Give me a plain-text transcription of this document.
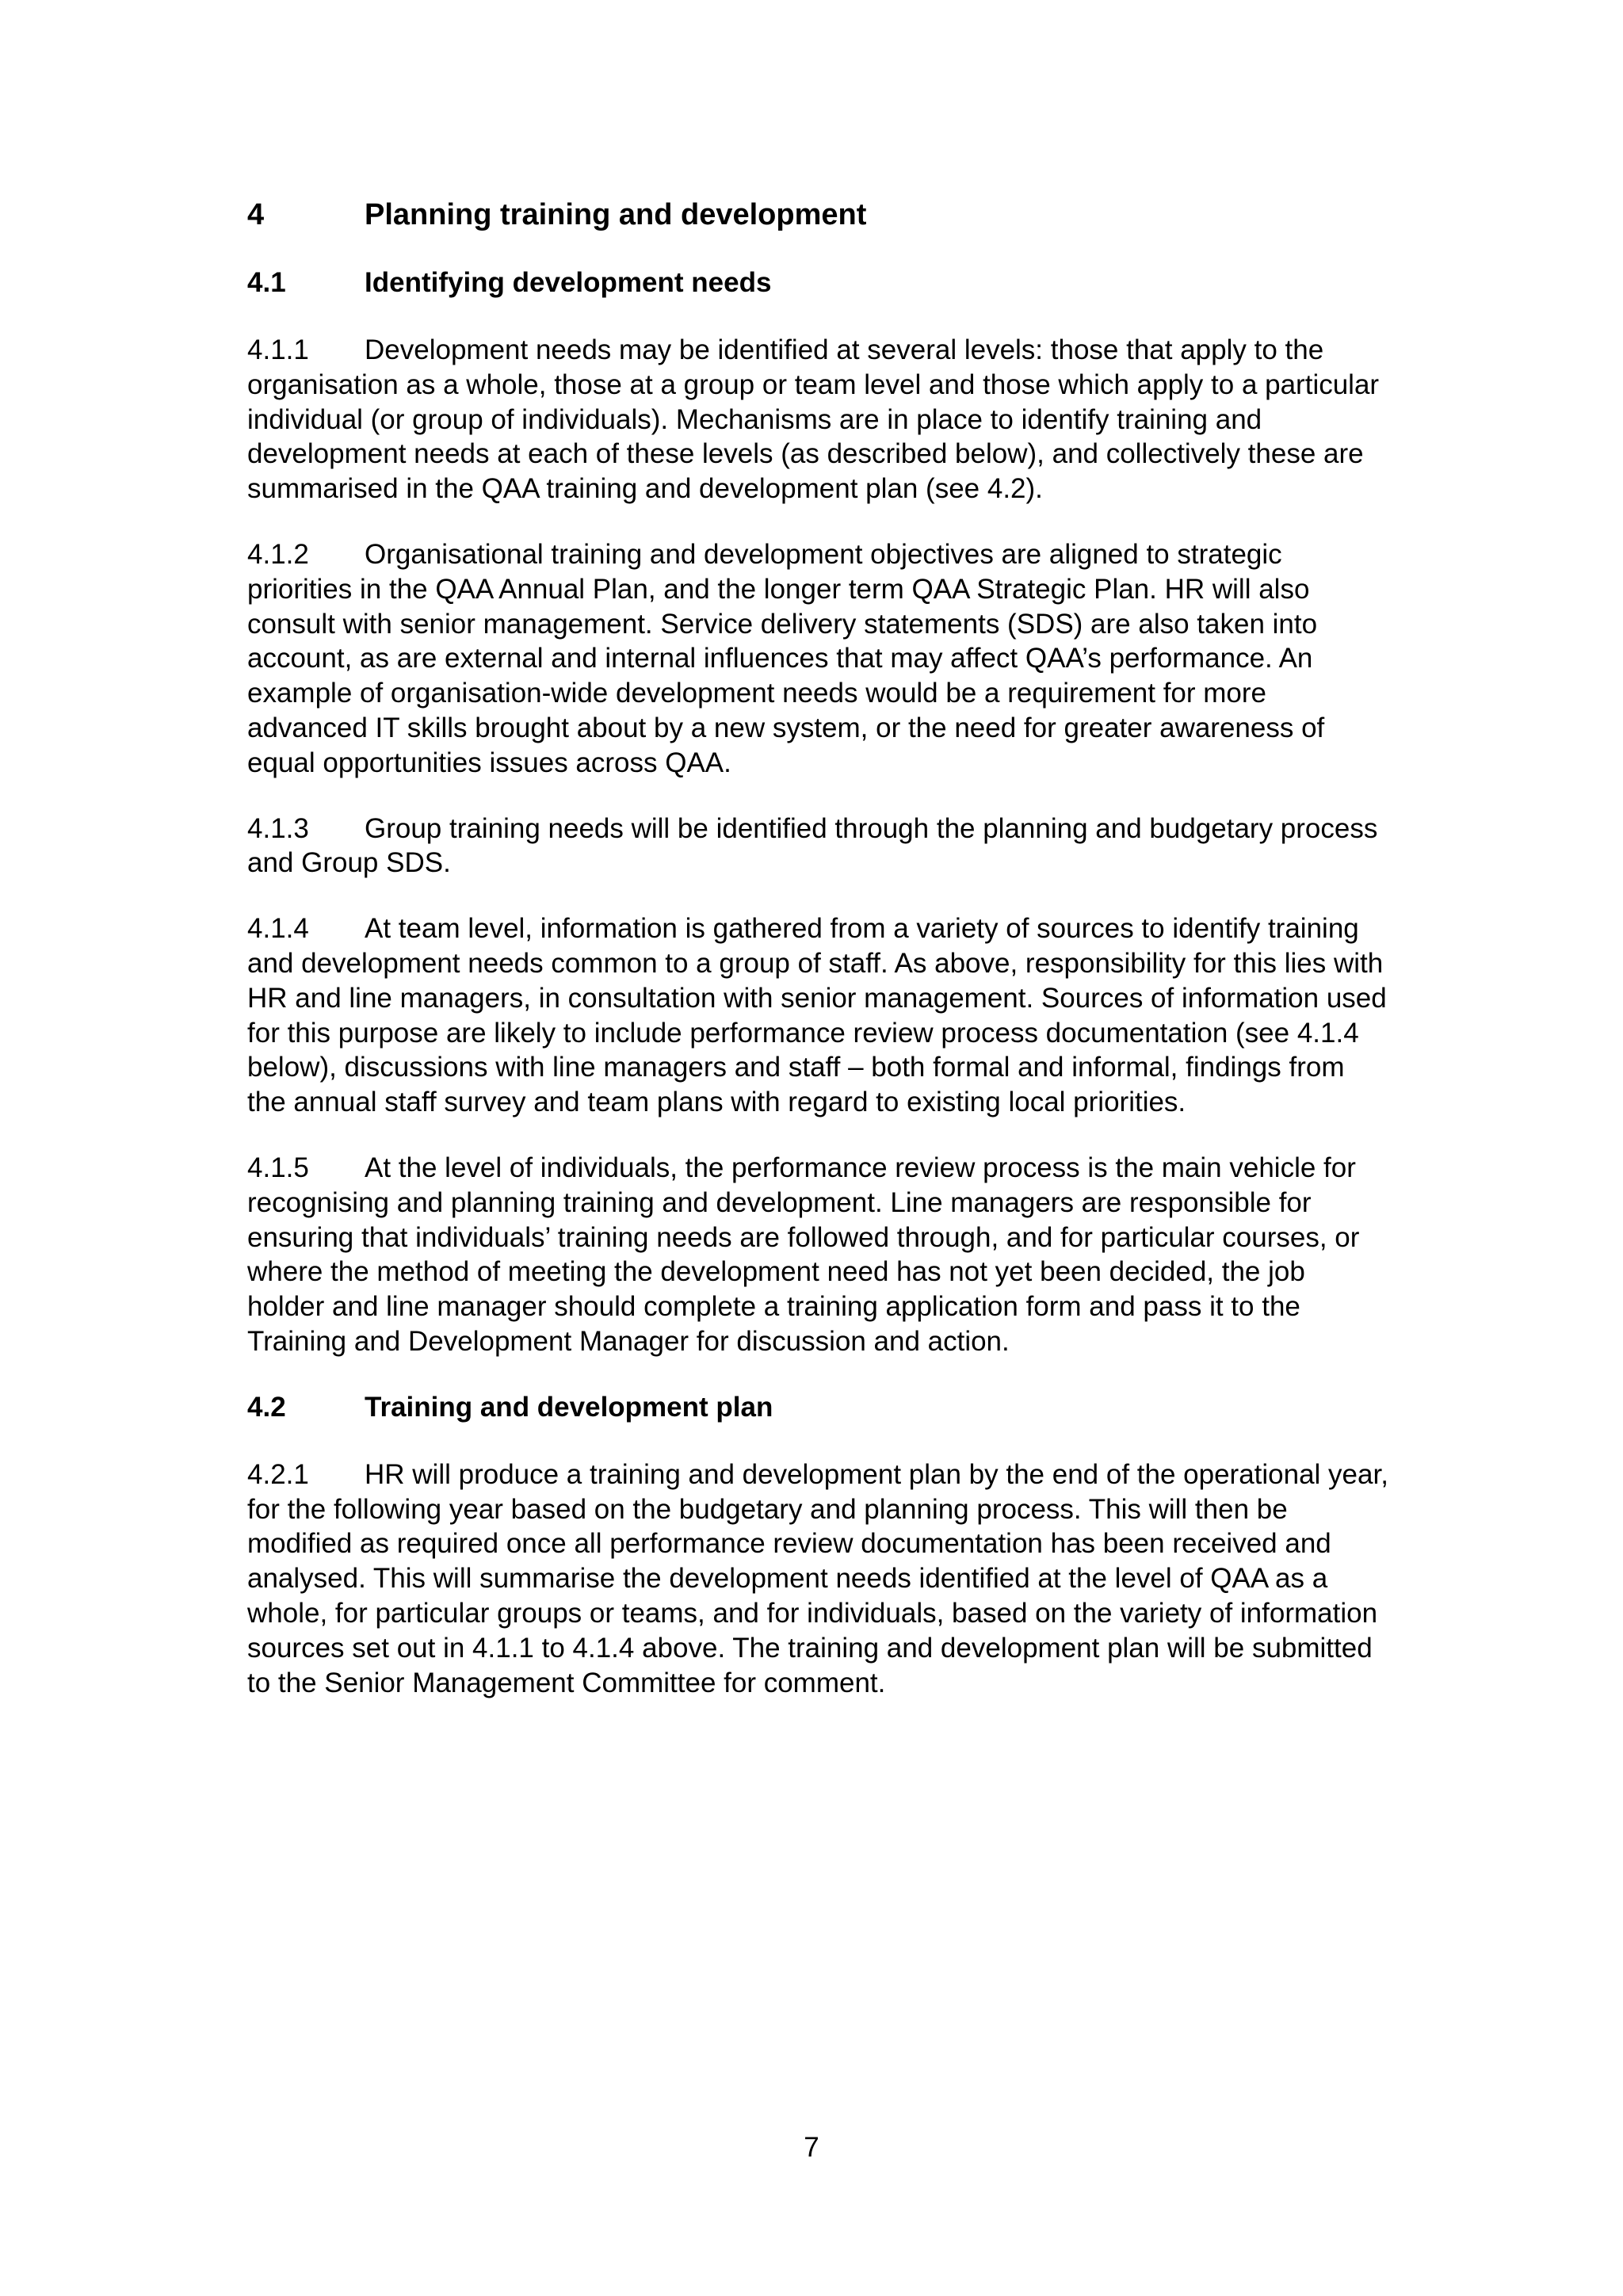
4	Planning training and development
4.1	Identifying development needs

4.1.1 Development needs may be identified at several levels: those that apply to the organisation as a whole, those at a group or team level and those which apply to a particular individual (or group of individuals). Mechanisms are in place to identify training and development needs at each of these levels (as described below), and collectively these are summarised in the QAA training and development plan (see 4.2).

4.1.2 Organisational training and development objectives are aligned to strategic priorities in the QAA Annual Plan, and the longer term QAA Strategic Plan. HR will also consult with senior management. Service delivery statements (SDS) are also taken into account, as are external and internal influences that may affect QAA’s performance. An example of organisation-wide development needs would be a requirement for more advanced IT skills brought about by a new system, or the need for greater awareness of equal opportunities issues across QAA.

4.1.3 Group training needs will be identified through the planning and budgetary process and Group SDS.

4.1.4 At team level, information is gathered from a variety of sources to identify training and development needs common to a group of staff. As above, responsibility for this lies with HR and line managers, in consultation with senior management. Sources of information used for this purpose are likely to include performance review process documentation (see 4.1.4 below), discussions with line managers and staff – both formal and informal, findings from the annual staff survey and team plans with regard to existing local priorities.

4.1.5 At the level of individuals, the performance review process is the main vehicle for recognising and planning training and development. Line managers are responsible for ensuring that individuals’ training needs are followed through, and for particular courses, or where the method of meeting the development need has not yet been decided, the job holder and line manager should complete a training application form and pass it to the Training and Development Manager for discussion and action.

4.2	Training and development plan

4.2.1 HR will produce a training and development plan by the end of the operational year, for the following year based on the budgetary and planning process. This will then be modified as required once all performance review documentation has been received and analysed. This will summarise the development needs identified at the level of QAA as a whole, for particular groups or teams, and for individuals, based on the variety of information sources set out in 4.1.1 to 4.1.4 above. The training and development plan will be submitted to the Senior Management Committee for comment.

7
